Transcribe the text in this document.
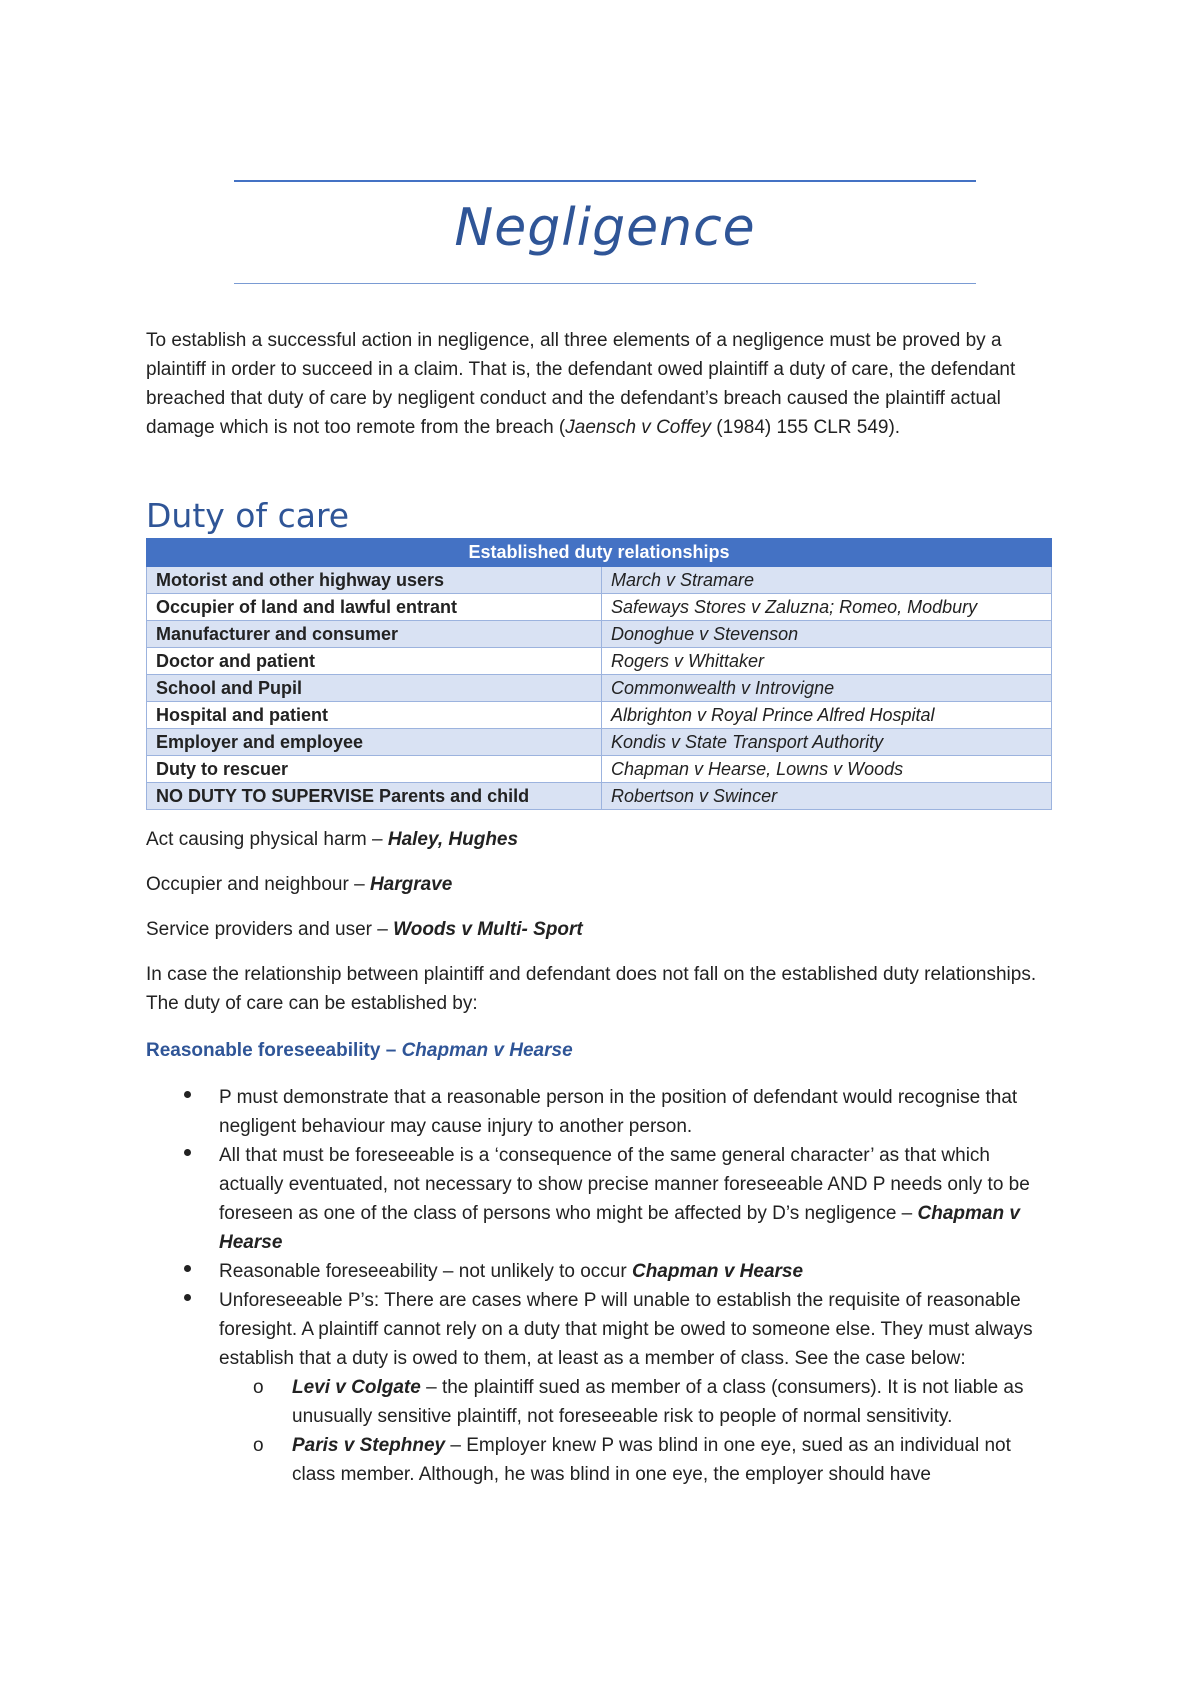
Negligence

To establish a successful action in negligence, all three elements of a negligence must be proved by a plaintiff in order to succeed in a claim. That is, the defendant owed plaintiff a duty of care, the defendant breached that duty of care by negligent conduct and the defendant’s breach caused the plaintiff actual damage which is not too remote from the breach (Jaensch v Coffey (1984) 155 CLR 549).

Duty of care
Established duty relationships	
Motorist and other highway users	March v Stramare
Occupier of land and lawful entrant	Safeways Stores v Zaluzna; Romeo, Modbury
Manufacturer and consumer	Donoghue v Stevenson
Doctor and patient	Rogers v Whittaker
School and Pupil	Commonwealth v Introvigne
Hospital and patient	Albrighton v Royal Prince Alfred Hospital
Employer and employee	Kondis v State Transport Authority
Duty to rescuer	Chapman v Hearse, Lowns v Woods
NO DUTY TO SUPERVISE Parents and child	Robertson v Swincer

Act causing physical harm – Haley, Hughes

Occupier and neighbour – Hargrave

Service providers and user – Woods v Multi- Sport

In case the relationship between plaintiff and defendant does not fall on the established duty relationships. The duty of care can be established by:

Reasonable foreseeability – Chapman v Hearse
P must demonstrate that a reasonable person in the position of defendant would recognise that negligent behaviour may cause injury to another person.
All that must be foreseeable is a ‘consequence of the same general character’ as that which actually eventuated, not necessary to show precise manner foreseeable AND P needs only to be foreseen as one of the class of persons who might be affected by D’s negligence – Chapman v Hearse
Reasonable foreseeability – not unlikely to occur Chapman v Hearse
Unforeseeable P’s: There are cases where P will unable to establish the requisite of reasonable foresight. A plaintiff cannot rely on a duty that might be owed to someone else. They must always establish that a duty is owed to them, at least as a member of class. See the case below:
o Levi v Colgate – the plaintiff sued as member of a class (consumers). It is not liable as unusually sensitive plaintiff, not foreseeable risk to people of normal sensitivity.
o Paris v Stephney – Employer knew P was blind in one eye, sued as an individual not class member. Although, he was blind in one eye, the employer should have
